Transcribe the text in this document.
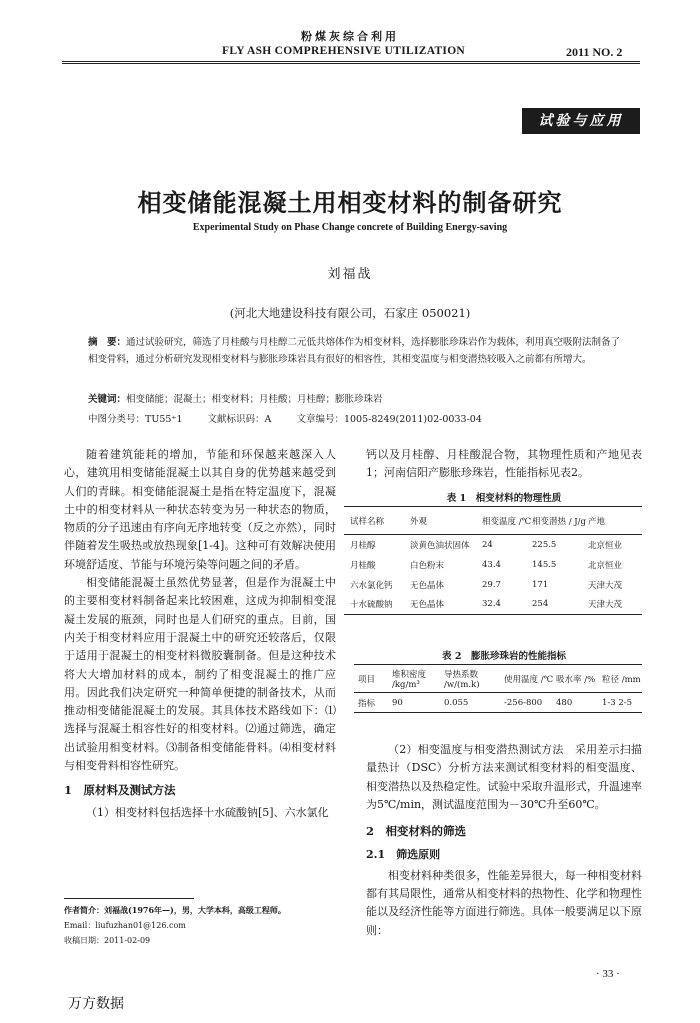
粉煤灰综合利用
FLY ASH COMPREHENSIVE UTILIZATION	2011 NO. 2
试验与应用
相变储能混凝土用相变材料的制备研究
Experimental Study on Phase Change concrete of Building Energy-saving
刘福战
(河北大地建设科技有限公司，石家庄 050021)
摘　要：通过试验研究，筛选了月桂酸与月桂醇二元低共熔体作为相变材料，选择膨胀珍珠岩作为载体，利用真空吸附法制备了相变骨料，通过分析研究发现相变材料与膨胀珍珠岩具有很好的相容性，其相变温度与相变潜热较吸入之前都有所增大。
关键词：相变储能；混凝土；相变材料；月桂酸；月桂醇；膨胀珍珠岩
中图分类号：TU55⁺1	文献标识码：A	文章编号：1005-8249(2011)02-0033-04

随着建筑能耗的增加，节能和环保越来越深入人心，建筑用相变储能混凝土以其自身的优势越来越受到人们的青睐。相变储能混凝土是指在特定温度下，混凝土中的相变材料从一种状态转变为另一种状态的物质，物质的分子迅速由有序向无序地转变（反之亦然），同时伴随着发生吸热或放热现象[1-4]。这种可有效解决使用环境舒适度、节能与环境污染等问题之间的矛盾。

相变储能混凝土虽然优势显著，但是作为混凝土中的主要相变材料制备起来比较困难，这成为抑制相变混凝土发展的瓶颈，同时也是人们研究的重点。目前，国内关于相变材料应用于混凝土中的研究还较落后，仅限于适用于混凝土的相变材料微胶囊制备。但是这种技术将大大增加材料的成本，制约了相变混凝土的推广应用。因此我们决定研究一种简单便捷的制备技术，从而推动相变储能混凝土的发展。其具体技术路线如下：⑴选择与混凝土相容性好的相变材料。⑵通过筛选，确定出试验用相变材料。⑶制备相变储能骨料。⑷相变材料与相变骨料相容性研究。

1　原材料及测试方法

（1）相变材料包括选择十水硫酸钠[5]、六水氯化

钙以及月桂醇、月桂酸混合物，其物理性质和产地见表1；河南信阳产膨胀珍珠岩，性能指标见表2。

表 1　相变材料的物理性质
试样名称	外观	相变温度 /℃	相变潜热 / J/g	产地
月桂醇	淡黄色油状固体	24	225.5	北京恒业
月桂酸	白色粉末	43.4	145.5	北京恒业
六水氯化钙	无色晶体	29.7	171	天津大茂
十水硫酸钠	无色晶体	32.4	254	天津大茂
表 2　膨胀珍珠岩的性能指标
项目	堆积密度 /kg/m³	导热系数 /w/(m.k)	使用温度 /℃	吸水率 /%	粒径 /mm
指标	90	0.055	-256-800	480	1-3 2-5

（2）相变温度与相变潜热测试方法　采用差示扫描量热计（DSC）分析方法来测试相变材料的相变温度、相变潜热以及热稳定性。试验中采取升温形式，升温速率为5℃/min，测试温度范围为－30℃升至60℃。

2　相变材料的筛选
2.1　筛选原则

相变材料种类很多，性能差异很大，每一种相变材料都有其局限性，通常从相变材料的热物性、化学和物理性能以及经济性能等方面进行筛选。具体一般要满足以下原则：

作者简介：刘福战(1976年—)，男，大学本科，高级工程师。
Email：liufuzhan01@126.com
收稿日期：2011-02-09
· 33 ·
万方数据
